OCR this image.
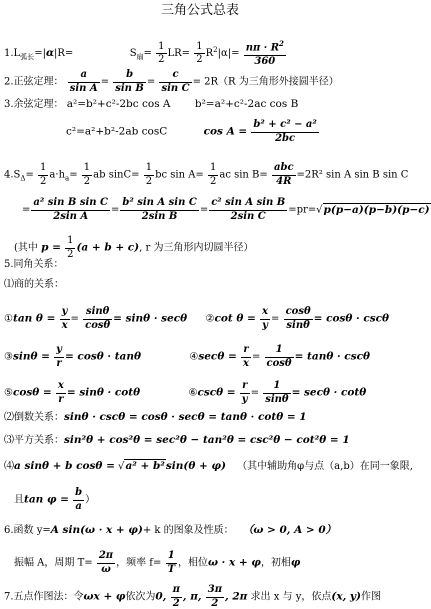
三角公式总表
$1.L_{弧长}=|\alpha|R=$	$S_扇= \frac{1}{2} LR= \frac{1}{2} R^2|\alpha|= \frac{n\pi \cdot R^2}{360}$
2.正弦定理： $\frac{a}{\text{sin A}} = \frac{b}{\text{sin B}} = \frac{c}{\text{sin C}} = 2R(R$ 为三角形外接圆半径）
3.余弦定理： a²=b²+c²-2bc cos A b²=a²+c²-2ac cos B
c²=a²+b²-2ab cosC	$\cos A = \frac{\text{b² + c² − a²}}{2bc}$
$4.S_\Delta= \frac{1}{2} a\cdot h_a= \frac{1}{2}$ ab $\sin C= \frac{1}{2}$ bc $\sin A= \frac{1}{2}$ ac $\sin B= \frac{\text{abc}}{4R} =2R^2$ sin A sin B sin C
= $\frac{\text{a² sin B sin C}}{\text{2sin A}} = \frac{\text{b² sin A sin C}}{\text{2sin B}} = \frac{\text{c² sin A sin B}}{\text{2sin C}} =pr=√p(p-a)(p-b)(p-c)$
(其中 $p = \frac{1}{2} (a + b + c)$, r 为三角形内切圆半径）
5.同角关系：
⑴商的关系：
①tan $\theta = \frac{y}{x} = \frac{\sin\theta}{\cos\theta} = \sin\theta \cdot \sec\theta$ ②cot $\theta = \frac{x}{y} = \frac{\cos\theta}{\sin\theta} = \cos\theta \cdot \csc\theta$
③sinθ = $\frac{y}{r} = \cos\theta \cdot \tan\theta$	④secθ = $\frac{r}{x} = \frac{1}{\cos\theta} = \tan\theta \cdot \csc\theta$
⑤cosθ = $\frac{x}{r} = \sin\theta \cdot \cot\theta$	⑥cscθ = $\frac{r}{y} = \frac{1}{\sin\theta} = \sec\theta \cdot \cot\theta$
⑵倒数关系：sinθ · cscθ = cosθ · secθ = tanθ · cotθ = 1
⑶平方关系：sin²θ + cos²θ = sec²θ − tan²θ = csc²θ − cot²θ = 1
⑷a sinθ + b cosθ = √a² + b²sin(θ + φ) （其中辅助角φ与点（a,b）在同一象限,
且$\tan \varphi = \frac{b}{a}$ ）
6.函数 y=A sin(ω · x + φ)+ k 的图象及性质： （ω > 0, A > 0）
振幅 A，周期 $T= \frac{2\pi}{\omega}$ ，频率 $f= \frac{1}{T}$ ，相位ω · x + φ，初相φ
7.五点作图法：令ωx + φ依次为0, $\frac{\pi}{2}$ , π, $\frac{3\pi}{2}$ , 2π 求出 x 与 y，依点(x, y)作图
